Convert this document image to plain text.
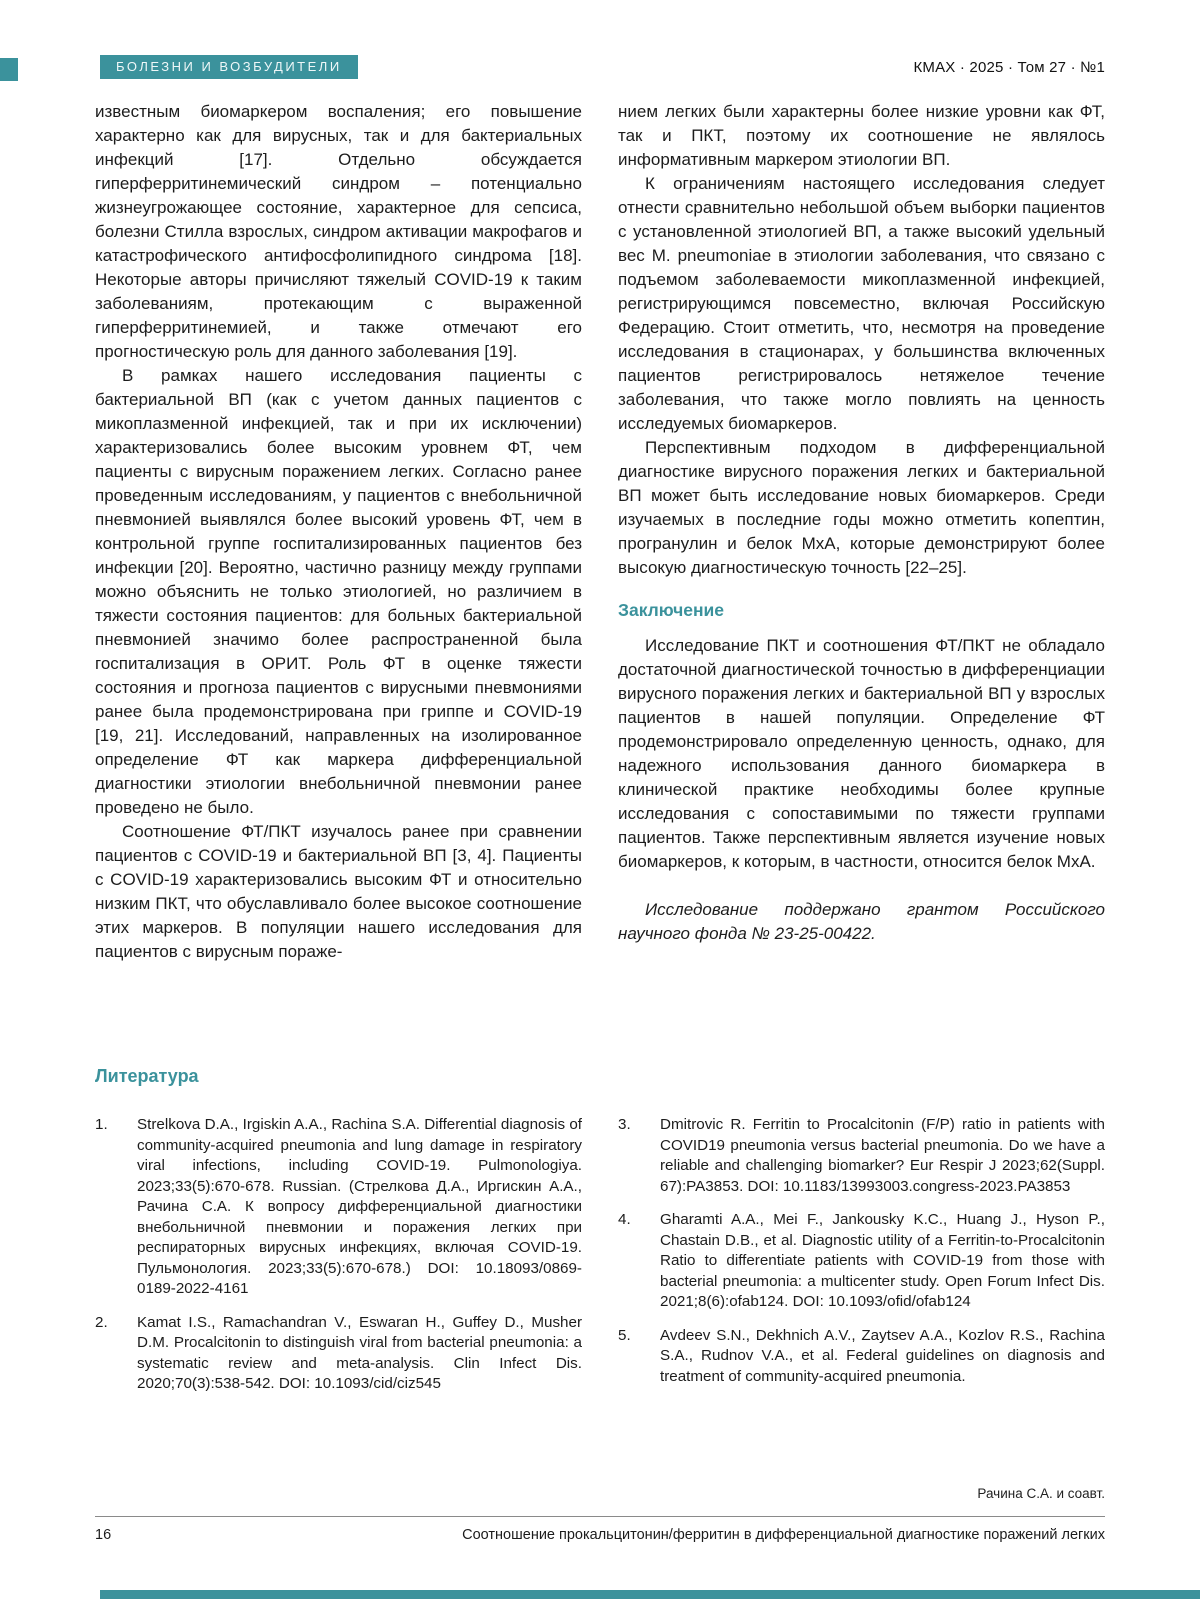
БОЛЕЗНИ И ВОЗБУДИТЕЛИ	КМАХ · 2025 · Том 27 · №1

известным биомаркером воспаления; его повышение характерно как для вирусных, так и для бактериальных инфекций [17]. Отдельно обсуждается гиперферритинемический синдром – потенциально жизнеугрожающее состояние, характерное для сепсиса, болезни Стилла взрослых, синдром активации макрофагов и катастрофического антифосфолипидного синдрома [18]. Некоторые авторы причисляют тяжелый COVID-19 к таким заболеваниям, протекающим с выраженной гиперферритинемией, и также отмечают его прогностическую роль для данного заболевания [19].

В рамках нашего исследования пациенты с бактериальной ВП (как с учетом данных пациентов с микоплазменной инфекцией, так и при их исключении) характеризовались более высоким уровнем ФТ, чем пациенты с вирусным поражением легких. Согласно ранее проведенным исследованиям, у пациентов с внебольничной пневмонией выявлялся более высокий уровень ФТ, чем в контрольной группе госпитализированных пациентов без инфекции [20]. Вероятно, частично разницу между группами можно объяснить не только этиологией, но различием в тяжести состояния пациентов: для больных бактериальной пневмонией значимо более распространенной была госпитализация в ОРИТ. Роль ФТ в оценке тяжести состояния и прогноза пациентов с вирусными пневмониями ранее была продемонстрирована при гриппе и COVID-19 [19, 21]. Исследований, направленных на изолированное определение ФТ как маркера дифференциальной диагностики этиологии внебольничной пневмонии ранее проведено не было.

Соотношение ФТ/ПКТ изучалось ранее при сравнении пациентов с COVID-19 и бактериальной ВП [3, 4]. Пациенты с COVID-19 характеризовались высоким ФТ и относительно низким ПКТ, что обуславливало более высокое соотношение этих маркеров. В популяции нашего исследования для пациентов с вирусным пораже-

нием легких были характерны более низкие уровни как ФТ, так и ПКТ, поэтому их соотношение не являлось информативным маркером этиологии ВП.

К ограничениям настоящего исследования следует отнести сравнительно небольшой объем выборки пациентов с установленной этиологией ВП, а также высокий удельный вес M. pneumoniae в этиологии заболевания, что связано с подъемом заболеваемости микоплазменной инфекцией, регистрирующимся повсеместно, включая Российскую Федерацию. Стоит отметить, что, несмотря на проведение исследования в стационарах, у большинства включенных пациентов регистрировалось нетяжелое течение заболевания, что также могло повлиять на ценность исследуемых биомаркеров.

Перспективным подходом в дифференциальной диагностике вирусного поражения легких и бактериальной ВП может быть исследование новых биомаркеров. Среди изучаемых в последние годы можно отметить копептин, програнулин и белок MxA, которые демонстрируют более высокую диагностическую точность [22–25].

Заключение

Исследование ПКТ и соотношения ФТ/ПКТ не обладало достаточной диагностической точностью в дифференциации вирусного поражения легких и бактериальной ВП у взрослых пациентов в нашей популяции. Определение ФТ продемонстрировало определенную ценность, однако, для надежного использования данного биомаркера в клинической практике необходимы более крупные исследования с сопоставимыми по тяжести группами пациентов. Также перспективным является изучение новых биомаркеров, к которым, в частности, относится белок MxA.

Исследование поддержано грантом Российского научного фонда № 23-25-00422.

Литература
1.	Strelkova D.A., Irgiskin A.A., Rachina S.A. Differential diagnosis of community-acquired pneumonia and lung damage in respiratory viral infections, including COVID-19. Pulmonologiya. 2023;33(5):670-678. Russian. (Стрелкова Д.А., Иргискин А.А., Рачина С.А. К вопросу дифференциальной диагностики внебольничной пневмонии и поражения легких при респираторных вирусных инфекциях, включая COVID-19. Пульмонология. 2023;33(5):670-678.) DOI: 10.18093/0869-0189-2022-4161
2.	Kamat I.S., Ramachandran V., Eswaran H., Guffey D., Musher D.M. Procalcitonin to distinguish viral from bacterial pneumonia: a systematic review and meta-analysis. Clin Infect Dis. 2020;70(3):538-542. DOI: 10.1093/cid/ciz545
3.	Dmitrovic R. Ferritin to Procalcitonin (F/P) ratio in patients with COVID19 pneumonia versus bacterial pneumonia. Do we have a reliable and challenging biomarker? Eur Respir J 2023;62(Suppl. 67):PA3853. DOI: 10.1183/13993003.congress-2023.PA3853
4.	Gharamti A.A., Mei F., Jankousky K.C., Huang J., Hyson P., Chastain D.B., et al. Diagnostic utility of a Ferritin-to-Procalcitonin Ratio to differentiate patients with COVID-19 from those with bacterial pneumonia: a multicenter study. Open Forum Infect Dis. 2021;8(6):ofab124. DOI: 10.1093/ofid/ofab124
5.	Avdeev S.N., Dekhnich A.V., Zaytsev A.A., Kozlov R.S., Rachina S.A., Rudnov V.A., et al. Federal guidelines on diagnosis and treatment of community-acquired pneumonia.
Рачина С.А. и соавт.
16	Соотношение прокальцитонин/ферритин в дифференциальной диагностике поражений легких
